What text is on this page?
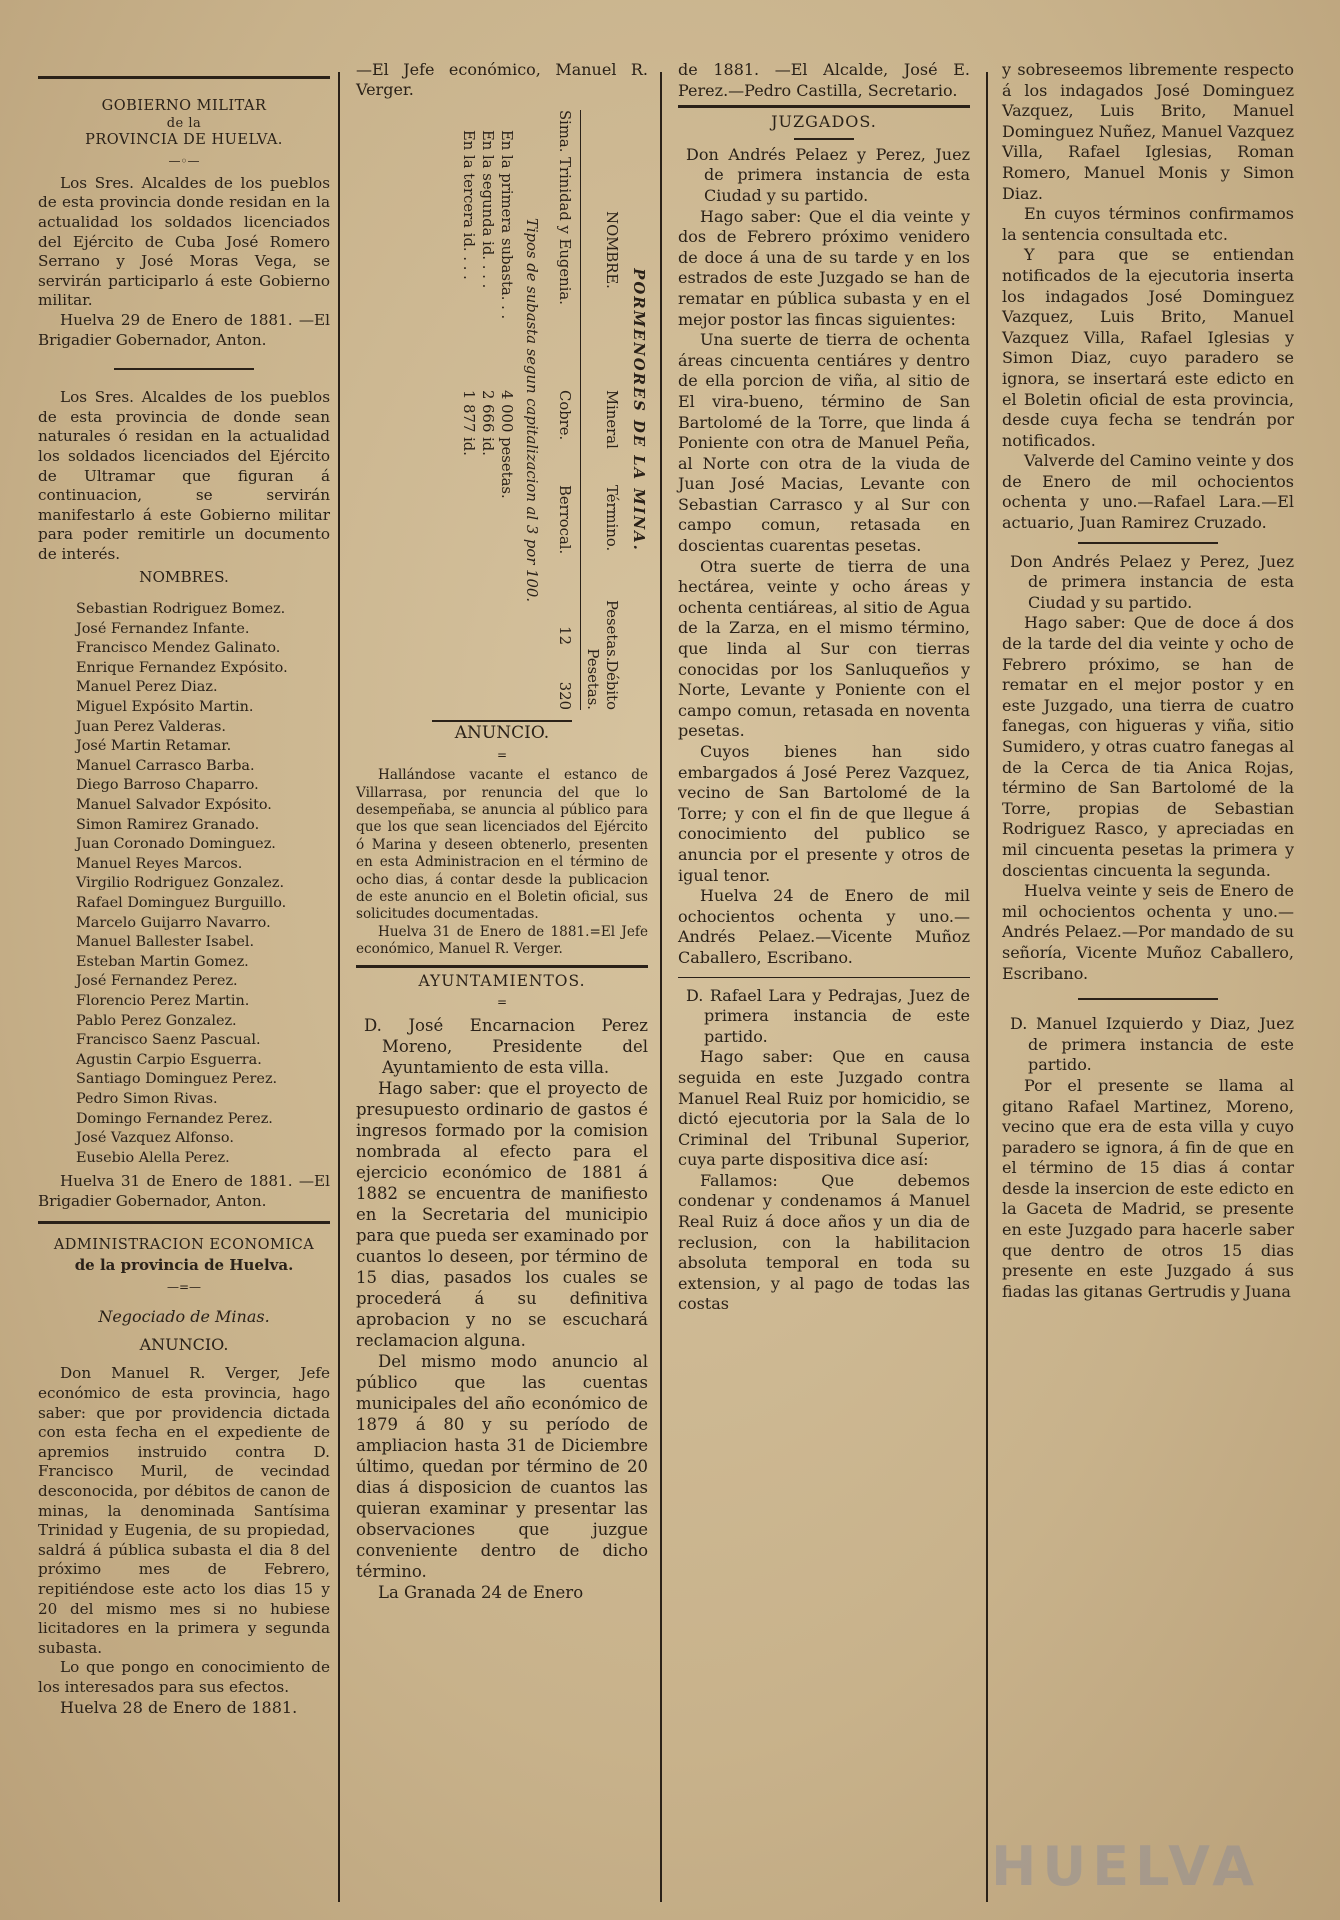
GOBIERNO MILITAR
de la
PROVINCIA DE HUELVA.
—◦—

Los Sres. Alcaldes de los pueblos de esta provincia donde residan en la actualidad los soldados licenciados del Ejército de Cuba José Romero Serrano y José Moras Vega, se servirán participarlo á este Gobierno militar.

Huelva 29 de Enero de 1881. —El Brigadier Gobernador, Anton.

Los Sres. Alcaldes de los pueblos de esta provincia de donde sean naturales ó residan en la actualidad los soldados licenciados del Ejército de Ultramar que figuran á continuacion, se servirán manifestarlo á este Gobierno militar para poder remitirle un documento de interés.

NOMBRES.
Sebastian Rodriguez Bomez.
José Fernandez Infante.
Francisco Mendez Galinato.
Enrique Fernandez Expósito.
Manuel Perez Diaz.
Miguel Expósito Martin.
Juan Perez Valderas.
José Martin Retamar.
Manuel Carrasco Barba.
Diego Barroso Chaparro.
Manuel Salvador Expósito.
Simon Ramirez Granado.
Juan Coronado Dominguez.
Manuel Reyes Marcos.
Virgilio Rodriguez Gonzalez.
Rafael Dominguez Burguillo.
Marcelo Guijarro Navarro.
Manuel Ballester Isabel.
Esteban Martin Gomez.
José Fernandez Perez.
Florencio Perez Martin.
Pablo Perez Gonzalez.
Francisco Saenz Pascual.
Agustin Carpio Esguerra.
Santiago Dominguez Perez.
Pedro Simon Rivas.
Domingo Fernandez Perez.
José Vazquez Alfonso.
Eusebio Alella Perez.

Huelva 31 de Enero de 1881. —El Brigadier Gobernador, Anton.

ADMINISTRACION ECONOMICA
de la provincia de Huelva.
—=—
Negociado de Minas.
ANUNCIO.

Don Manuel R. Verger, Jefe económico de esta provincia, hago saber: que por providencia dictada con esta fecha en el expediente de apremios instruido contra D. Francisco Muril, de vecindad desconocida, por débitos de canon de minas, la denominada Santísima Trinidad y Eugenia, de su propiedad, saldrá á pública subasta el dia 8 del próximo mes de Febrero, repitiéndose este acto los dias 15 y 20 del mismo mes si no hubiese licitadores en la primera y segunda subasta.

Lo que pongo en conocimiento de los interesados para sus efectos.

Huelva 28 de Enero de 1881.

—El Jefe económico, Manuel R. Verger.

PORMENORES DE LA MINA.
NOMBRE.
Mineral
Término.
Pesetas.
Débito Pesetas.
Sima. Trinidad y Eugenia.
Cobre.
Berrocal.
12
320
Tipos de subasta segun capitalizacion al 3 por 100.
En la primera subasta. . .
4 000 pesetas.
En la segunda id. . . .
2 666 id.
En la tercera id. . . .
1 877 id.
ANUNCIO.
=

Hallándose vacante el estanco de Villarrasa, por renuncia del que lo desempeñaba, se anuncia al público para que los que sean licenciados del Ejército ó Marina y deseen obtenerlo, presenten en esta Administracion en el término de ocho dias, á contar desde la publicacion de este anuncio en el Boletin oficial, sus solicitudes documentadas.

Huelva 31 de Enero de 1881.=El Jefe económico, Manuel R. Verger.

AYUNTAMIENTOS.
=

D. José Encarnacion Perez Moreno, Presidente del Ayuntamiento de esta villa.

Hago saber: que el proyecto de presupuesto ordinario de gastos é ingresos formado por la comision nombrada al efecto para el ejercicio económico de 1881 á 1882 se encuentra de manifiesto en la Secretaria del municipio para que pueda ser examinado por cuantos lo deseen, por término de 15 dias, pasados los cuales se procederá á su definitiva aprobacion y no se escuchará reclamacion alguna.

Del mismo modo anuncio al público que las cuentas municipales del año económico de 1879 á 80 y su período de ampliacion hasta 31 de Diciembre último, quedan por término de 20 dias á disposicion de cuantos las quieran examinar y presentar las observaciones que juzgue conveniente dentro de dicho término.

La Granada 24 de Enero

de 1881. —El Alcalde, José E. Perez.—Pedro Castilla, Secretario.

JUZGADOS.

Don Andrés Pelaez y Perez, Juez de primera instancia de esta Ciudad y su partido.

Hago saber: Que el dia veinte y dos de Febrero próximo venidero de doce á una de su tarde y en los estrados de este Juzgado se han de rematar en pública subasta y en el mejor postor las fincas siguientes:

Una suerte de tierra de ochenta áreas cincuenta centiáres y dentro de ella porcion de viña, al sitio de El vira-bueno, término de San Bartolomé de la Torre, que linda á Poniente con otra de Manuel Peña, al Norte con otra de la viuda de Juan José Macias, Levante con Sebastian Carrasco y al Sur con campo comun, retasada en doscientas cuarentas pesetas.

Otra suerte de tierra de una hectárea, veinte y ocho áreas y ochenta centiáreas, al sitio de Agua de la Zarza, en el mismo término, que linda al Sur con tierras conocidas por los Sanluqueños y Norte, Levante y Poniente con el campo comun, retasada en noventa pesetas.

Cuyos bienes han sido embargados á José Perez Vazquez, vecino de San Bartolomé de la Torre; y con el fin de que llegue á conocimiento del publico se anuncia por el presente y otros de igual tenor.

Huelva 24 de Enero de mil ochocientos ochenta y uno.—Andrés Pelaez.—Vicente Muñoz Caballero, Escribano.

D. Rafael Lara y Pedrajas, Juez de primera instancia de este partido.

Hago saber: Que en causa seguida en este Juzgado contra Manuel Real Ruiz por homicidio, se dictó ejecutoria por la Sala de lo Criminal del Tribunal Superior, cuya parte dispositiva dice así:

Fallamos: Que debemos condenar y condenamos á Manuel Real Ruiz á doce años y un dia de reclusion, con la habilitacion absoluta temporal en toda su extension, y al pago de todas las costas

y sobreseemos libremente respecto á los indagados José Dominguez Vazquez, Luis Brito, Manuel Dominguez Nuñez, Manuel Vazquez Villa, Rafael Iglesias, Roman Romero, Manuel Monis y Simon Diaz.

En cuyos términos confirmamos la sentencia consultada etc.

Y para que se entiendan notificados de la ejecutoria inserta los indagados José Dominguez Vazquez, Luis Brito, Manuel Vazquez Villa, Rafael Iglesias y Simon Diaz, cuyo paradero se ignora, se insertará este edicto en el Boletin oficial de esta provincia, desde cuya fecha se tendrán por notificados.

Valverde del Camino veinte y dos de Enero de mil ochocientos ochenta y uno.—Rafael Lara.—El actuario, Juan Ramirez Cruzado.

Don Andrés Pelaez y Perez, Juez de primera instancia de esta Ciudad y su partido.

Hago saber: Que de doce á dos de la tarde del dia veinte y ocho de Febrero próximo, se han de rematar en el mejor postor y en este Juzgado, una tierra de cuatro fanegas, con higueras y viña, sitio Sumidero, y otras cuatro fanegas al de la Cerca de tia Anica Rojas, término de San Bartolomé de la Torre, propias de Sebastian Rodriguez Rasco, y apreciadas en mil cincuenta pesetas la primera y doscientas cincuenta la segunda.

Huelva veinte y seis de Enero de mil ochocientos ochenta y uno.—Andrés Pelaez.—Por mandado de su señoría, Vicente Muñoz Caballero, Escribano.

D. Manuel Izquierdo y Diaz, Juez de primera instancia de este partido.

Por el presente se llama al gitano Rafael Martinez, Moreno, vecino que era de esta villa y cuyo paradero se ignora, á fin de que en el término de 15 dias á contar desde la insercion de este edicto en la Gaceta de Madrid, se presente en este Juzgado para hacerle saber que dentro de otros 15 dias presente en este Juzgado á sus fiadas las gitanas Gertrudis y Juana

HUELVA
